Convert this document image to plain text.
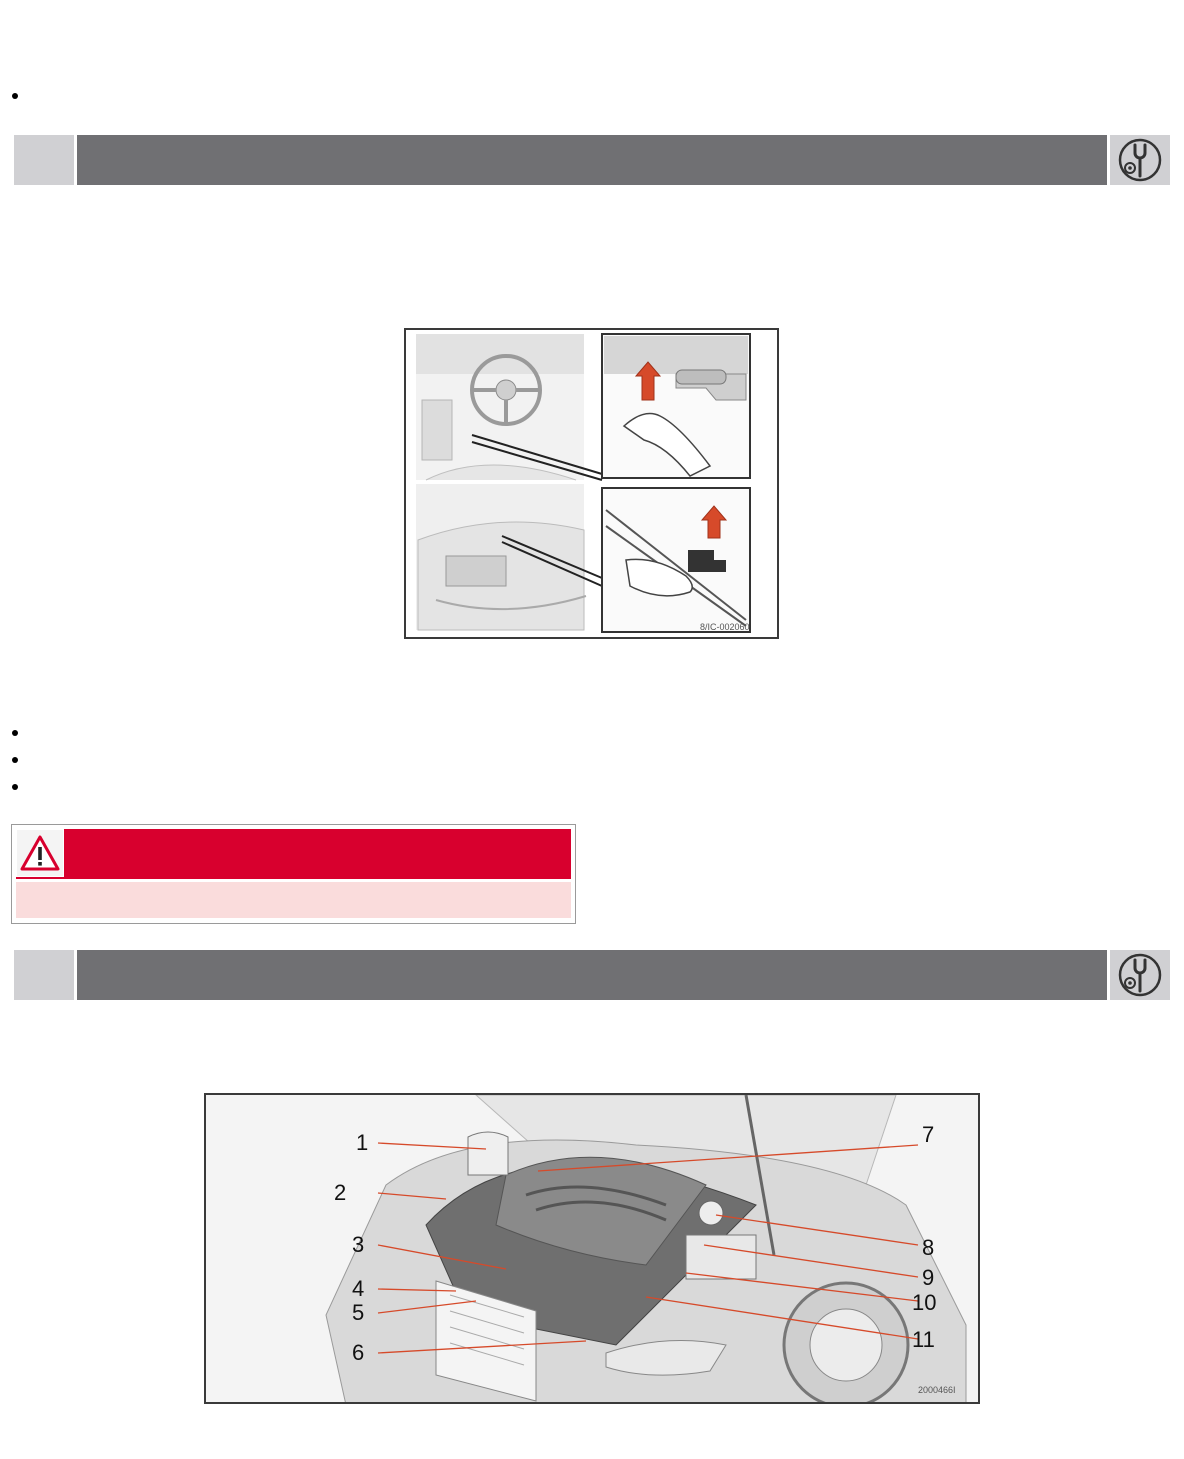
8/IC-002060
1
2
3
4
5
6
7
8
9
10
11
2000466I
